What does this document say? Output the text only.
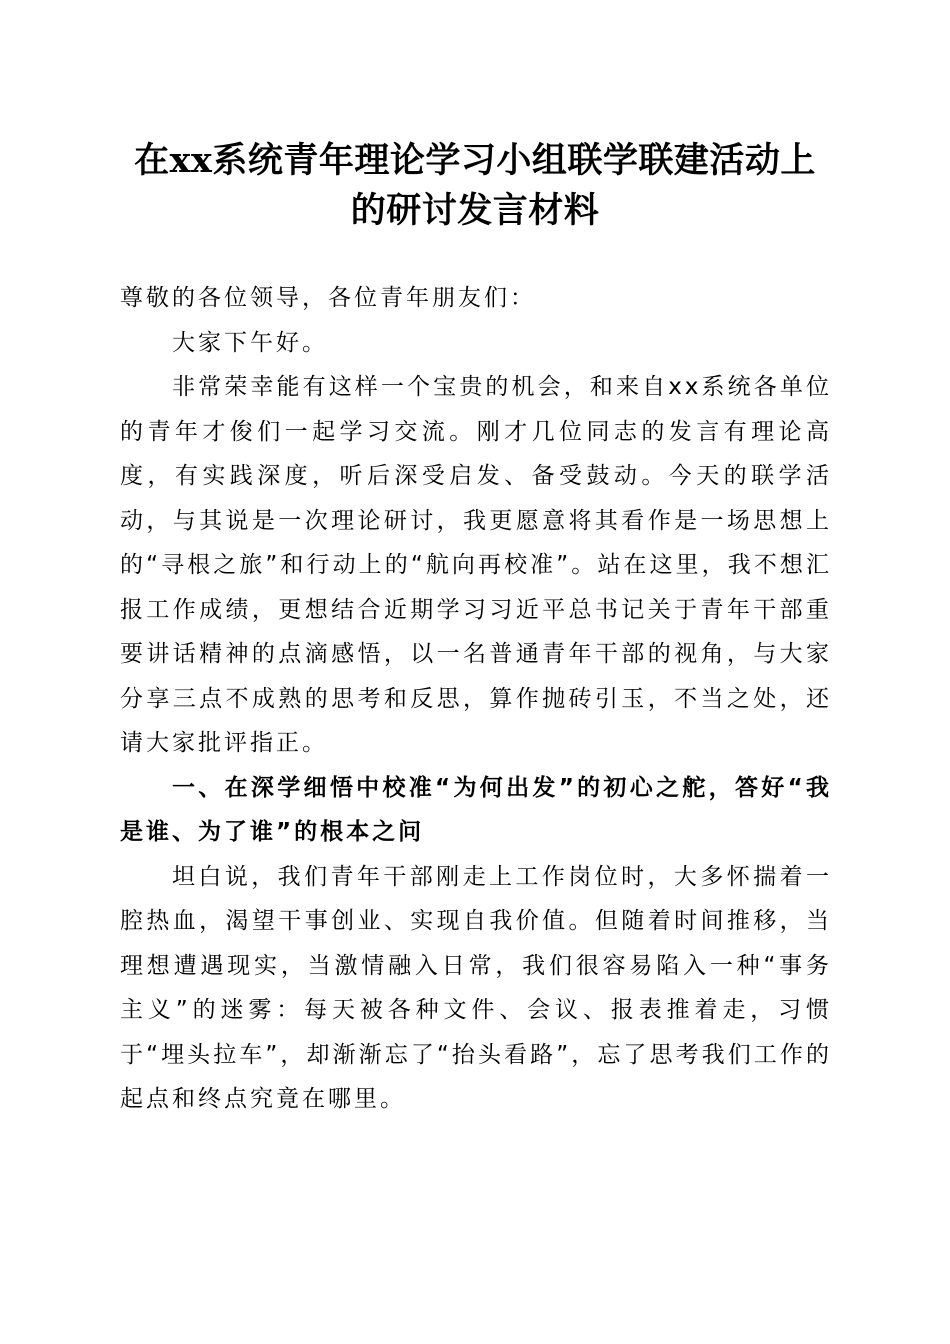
在xx系统青年理论学习小组联学联建活动上
的研讨发言材料

尊敬的各位领导，各位青年朋友们：

大家下午好。

非常荣幸能有这样一个宝贵的机会，和来自xx系统各单位的青年才俊们一起学习交流。刚才几位同志的发言有理论高度，有实践深度，听后深受启发、备受鼓动。今天的联学活动，与其说是一次理论研讨，我更愿意将其看作是一场思想上的“寻根之旅”和行动上的“航向再校准”。站在这里，我不想汇报工作成绩，更想结合近期学习习近平总书记关于青年干部重要讲话精神的点滴感悟，以一名普通青年干部的视角，与大家分享三点不成熟的思考和反思，算作抛砖引玉，不当之处，还请大家批评指正。

一、在深学细悟中校准“为何出发”的初心之舵，答好“我是谁、为了谁”的根本之问

坦白说，我们青年干部刚走上工作岗位时，大多怀揣着一腔热血，渴望干事创业、实现自我价值。但随着时间推移，当理想遭遇现实，当激情融入日常，我们很容易陷入一种“事务主义”的迷雾：每天被各种文件、会议、报表推着走，习惯于“埋头拉车”，却渐渐忘了“抬头看路”，忘了思考我们工作的起点和终点究竟在哪里。
